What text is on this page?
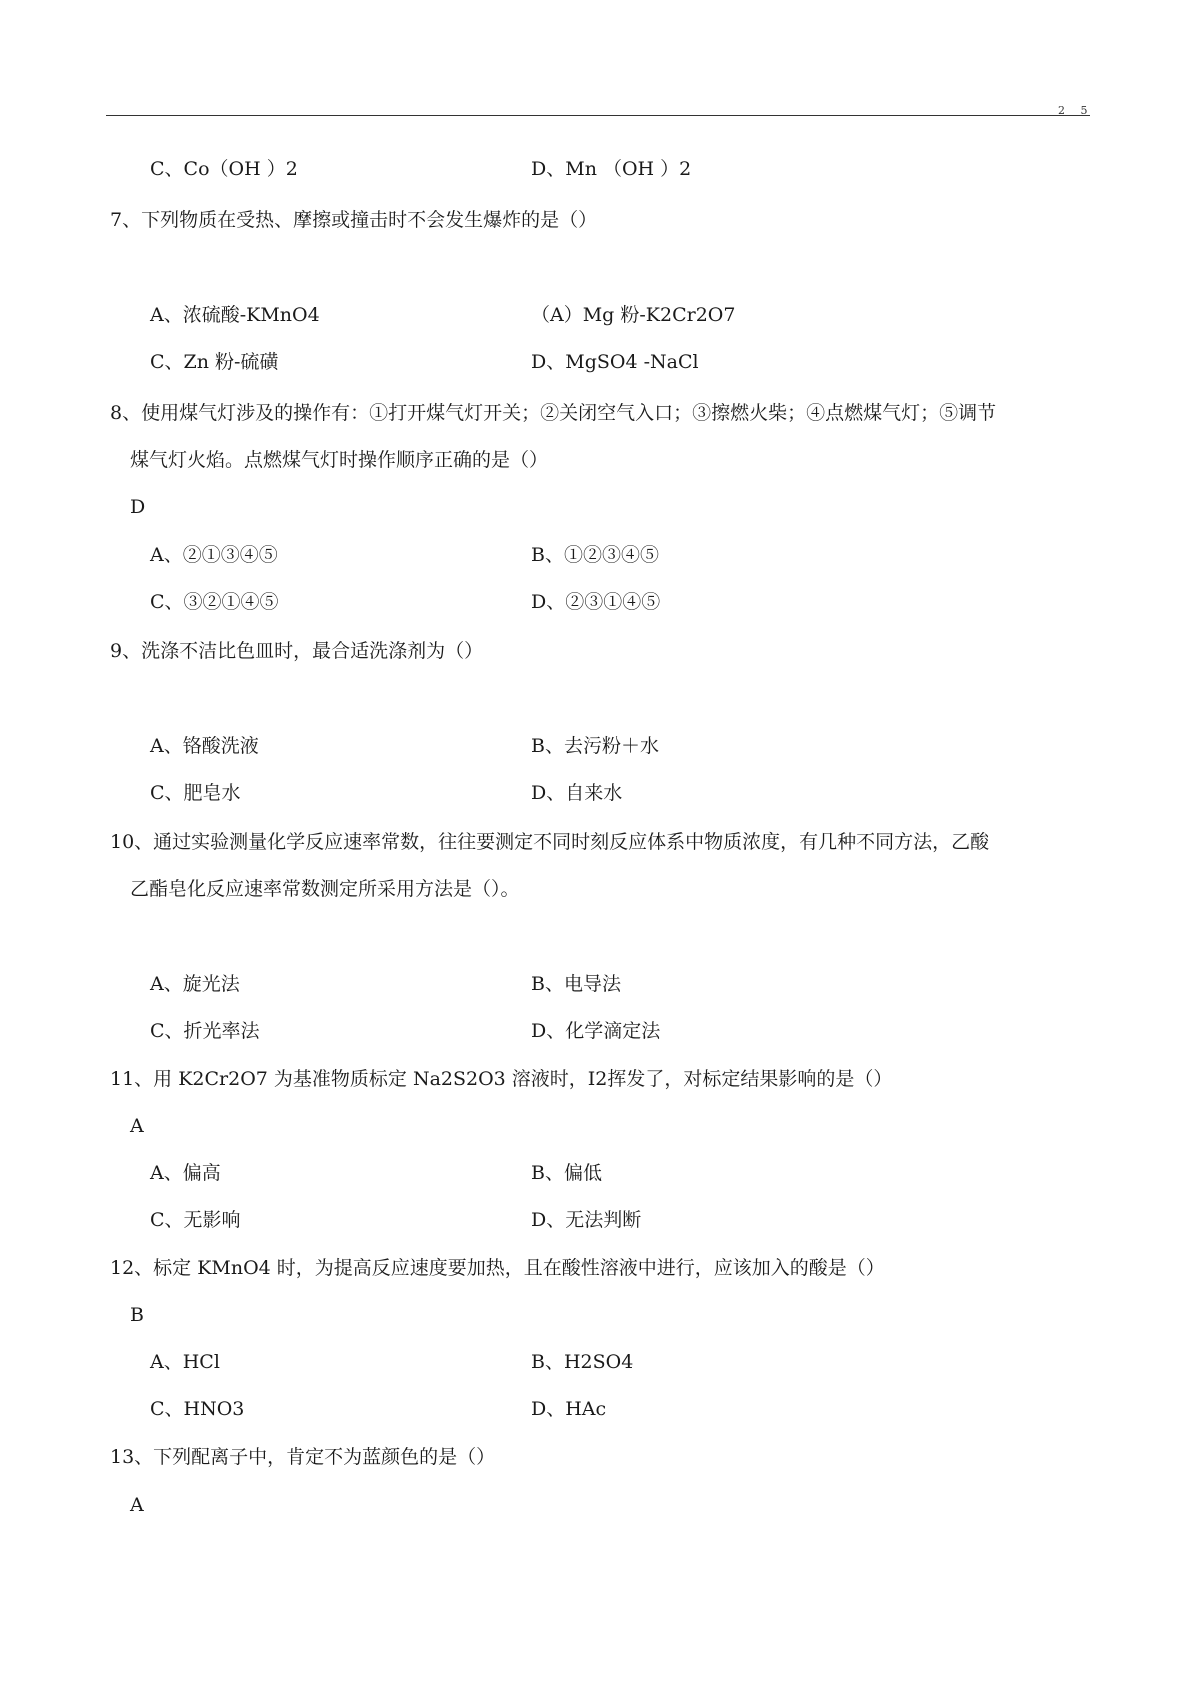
2 5
C、Co（OH ）2	D、Mn （OH ）2
7、下列物质在受热、摩擦或撞击时不会发生爆炸的是（）
A、浓硫酸-KMnO4	（A）Mg 粉-K2Cr2O7
C、Zn 粉-硫磺	D、MgSO4 -NaCl
8、使用煤气灯涉及的操作有：①打开煤气灯开关；②关闭空气入口；③擦燃火柴；④点燃煤气灯；⑤调节
煤气灯火焰。点燃煤气灯时操作顺序正确的是（）
D
A、②①③④⑤	B、①②③④⑤
C、③②①④⑤	D、②③①④⑤
9、洗涤不洁比色皿时，最合适洗涤剂为（）
A、铬酸洗液	B、去污粉＋水
C、肥皂水	D、自来水
10、通过实验测量化学反应速率常数，往往要测定不同时刻反应体系中物质浓度，有几种不同方法，乙酸
乙酯皂化反应速率常数测定所采用方法是（）。
A、旋光法	B、电导法
C、折光率法	D、化学滴定法
11、用 K2Cr2O7 为基准物质标定 Na2S2O3 溶液时，I2挥发了，对标定结果影响的是（）
A
A、偏高	B、偏低
C、无影响	D、无法判断
12、标定 KMnO4 时，为提高反应速度要加热，且在酸性溶液中进行，应该加入的酸是（）
B
A、HCl	B、H2SO4
C、HNO3	D、HAc
13、下列配离子中，肯定不为蓝颜色的是（）
A
